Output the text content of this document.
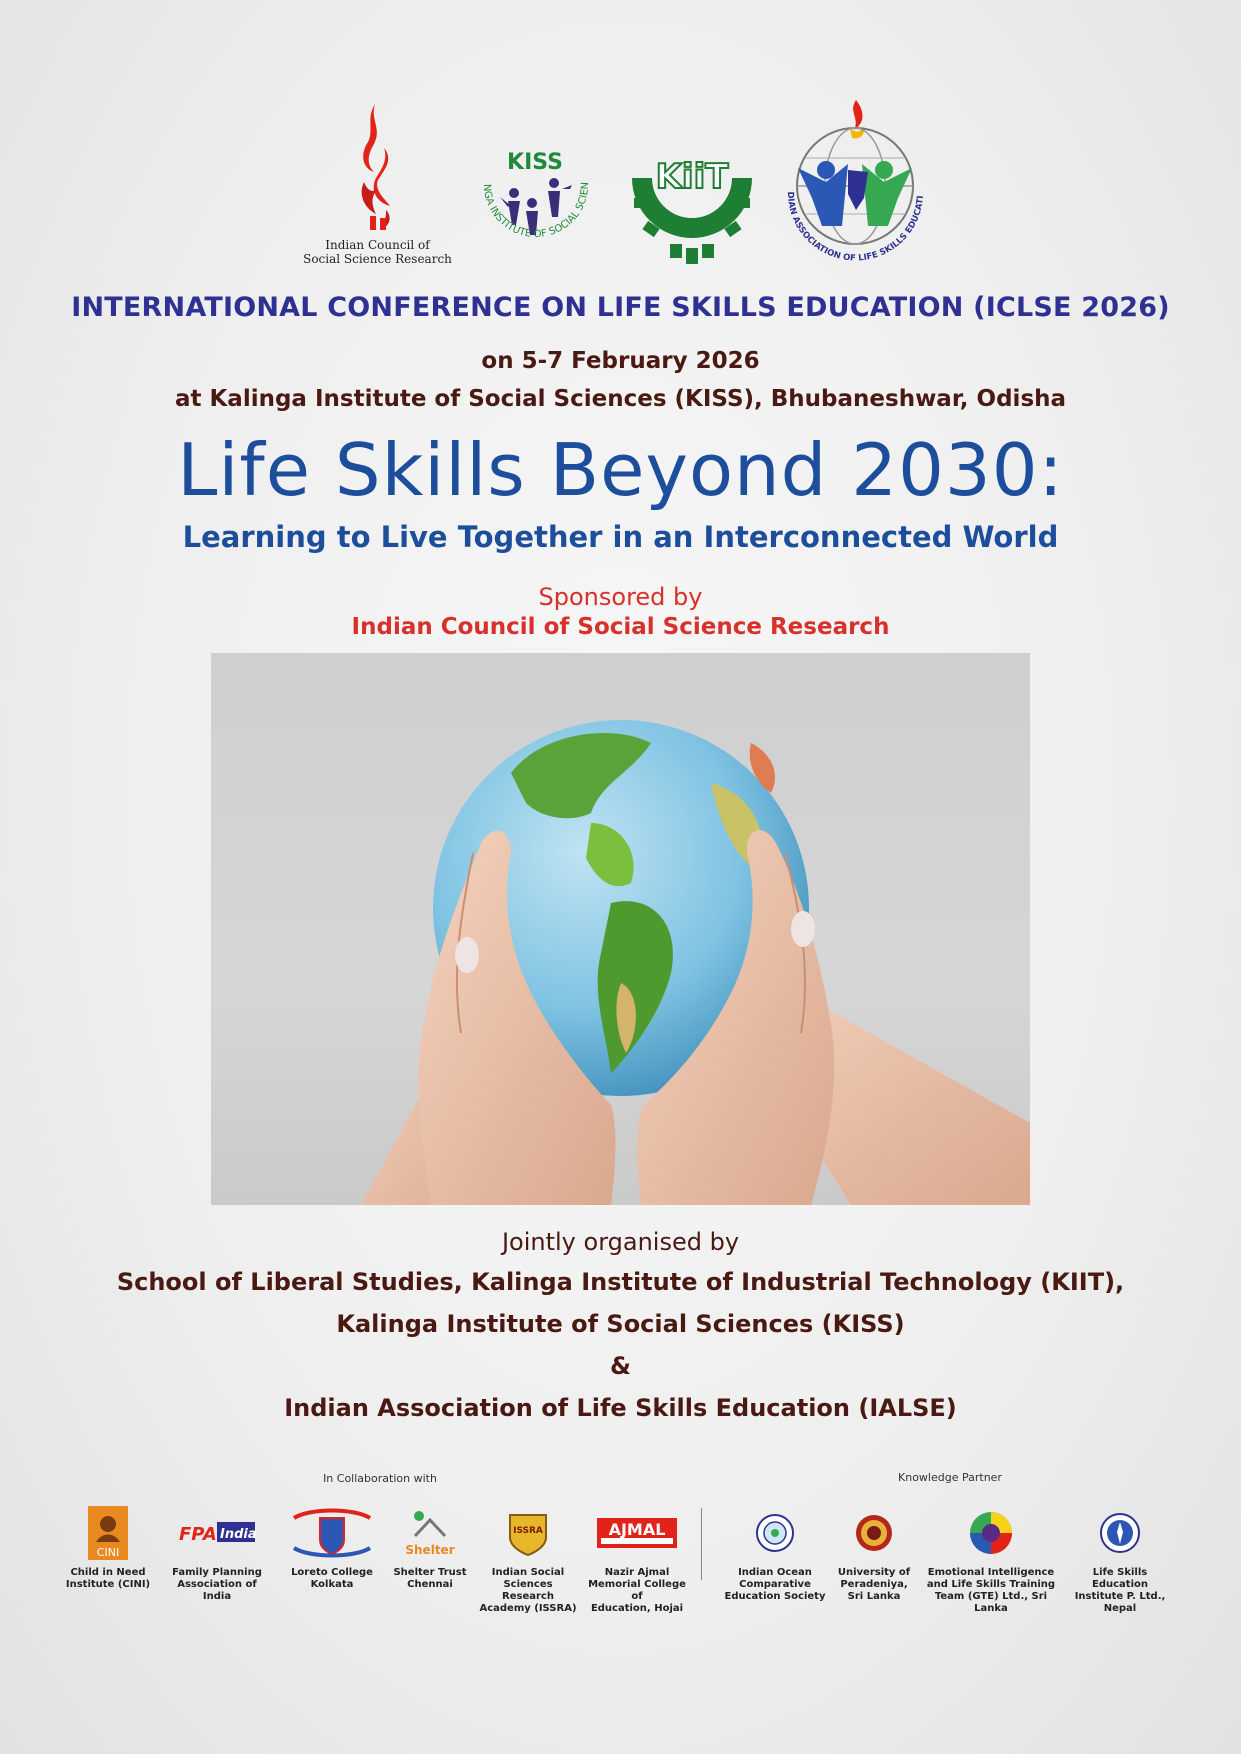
Indian Council of
Social Science Research
KISS
NGA INSTITUTE OF SOCIAL SCIEN KiiT	DIAN ASSOCIATION OF LIFE SKILLS EDUCATI
INTERNATIONAL CONFERENCE ON LIFE SKILLS EDUCATION (ICLSE 2026)
on 5-7 February 2026
at Kalinga Institute of Social Sciences (KISS), Bhubaneshwar, Odisha
Life Skills Beyond 2030:
Learning to Live Together in an Interconnected World
Sponsored by
Indian Council of Social Science Research
Jointly organised by
School of Liberal Studies, Kalinga Institute of Industrial Technology (KIIT),
Kalinga Institute of Social Sciences (KISS)
&
Indian Association of Life Skills Education (IALSE)
In Collaboration with	Knowledge Partner
CINI
Child in Need
Institute (CINI)
FPA India
Family Planning
Association of India
Loreto College
Kolkata
Shelter
Shelter Trust
Chennai
ISSRA
Indian Social
Sciences Research
Academy (ISSRA)
AJMAL
Nazir Ajmal
Memorial College of
Education, Hojai
Indian Ocean
Comparative
Education Society
University of
Peradeniya,
Sri Lanka
Emotional Intelligence
and Life Skills Training
Team (GTE) Ltd., Sri Lanka
Life Skills Education
Institute P. Ltd.,
Nepal
